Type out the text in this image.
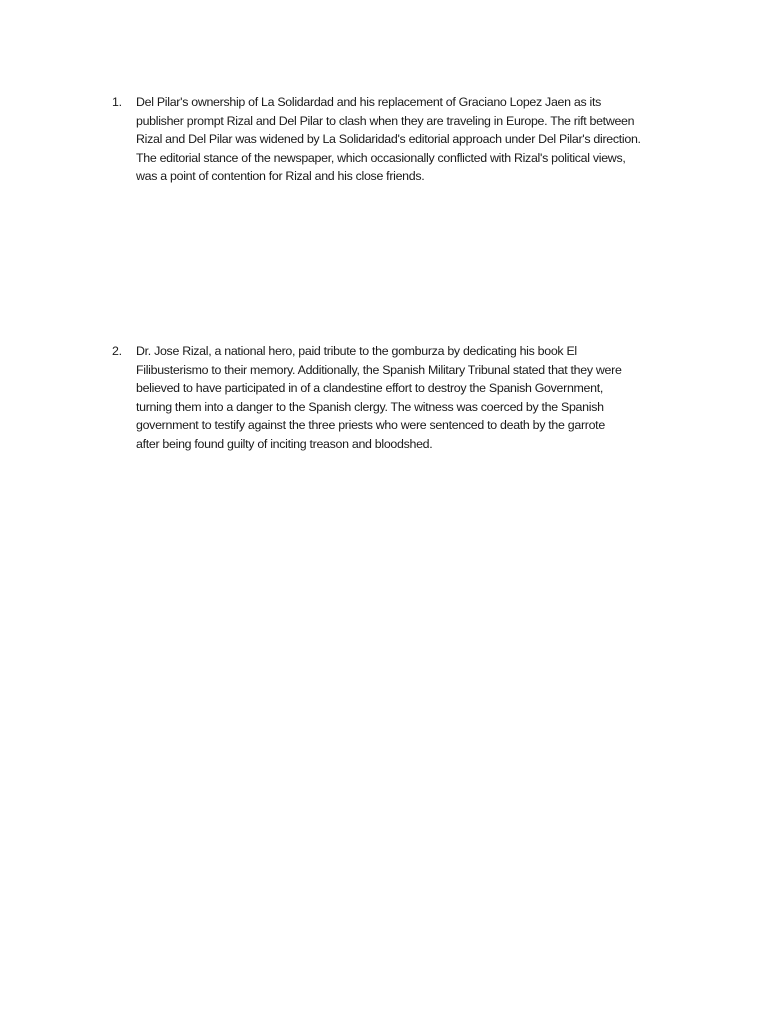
1. Del Pilar's ownership of La Solidardad and his replacement of Graciano Lopez Jaen as its
publisher prompt Rizal and Del Pilar to clash when they are traveling in Europe. The rift between
Rizal and Del Pilar was widened by La Solidaridad's editorial approach under Del Pilar's direction.
The editorial stance of the newspaper, which occasionally conflicted with Rizal's political views,
was a point of contention for Rizal and his close friends.
2. Dr. Jose Rizal, a national hero, paid tribute to the gomburza by dedicating his book El
Filibusterismo to their memory. Additionally, the Spanish Military Tribunal stated that they were
believed to have participated in of a clandestine effort to destroy the Spanish Government,
turning them into a danger to the Spanish clergy. The witness was coerced by the Spanish
government to testify against the three priests who were sentenced to death by the garrote
after being found guilty of inciting treason and bloodshed.
